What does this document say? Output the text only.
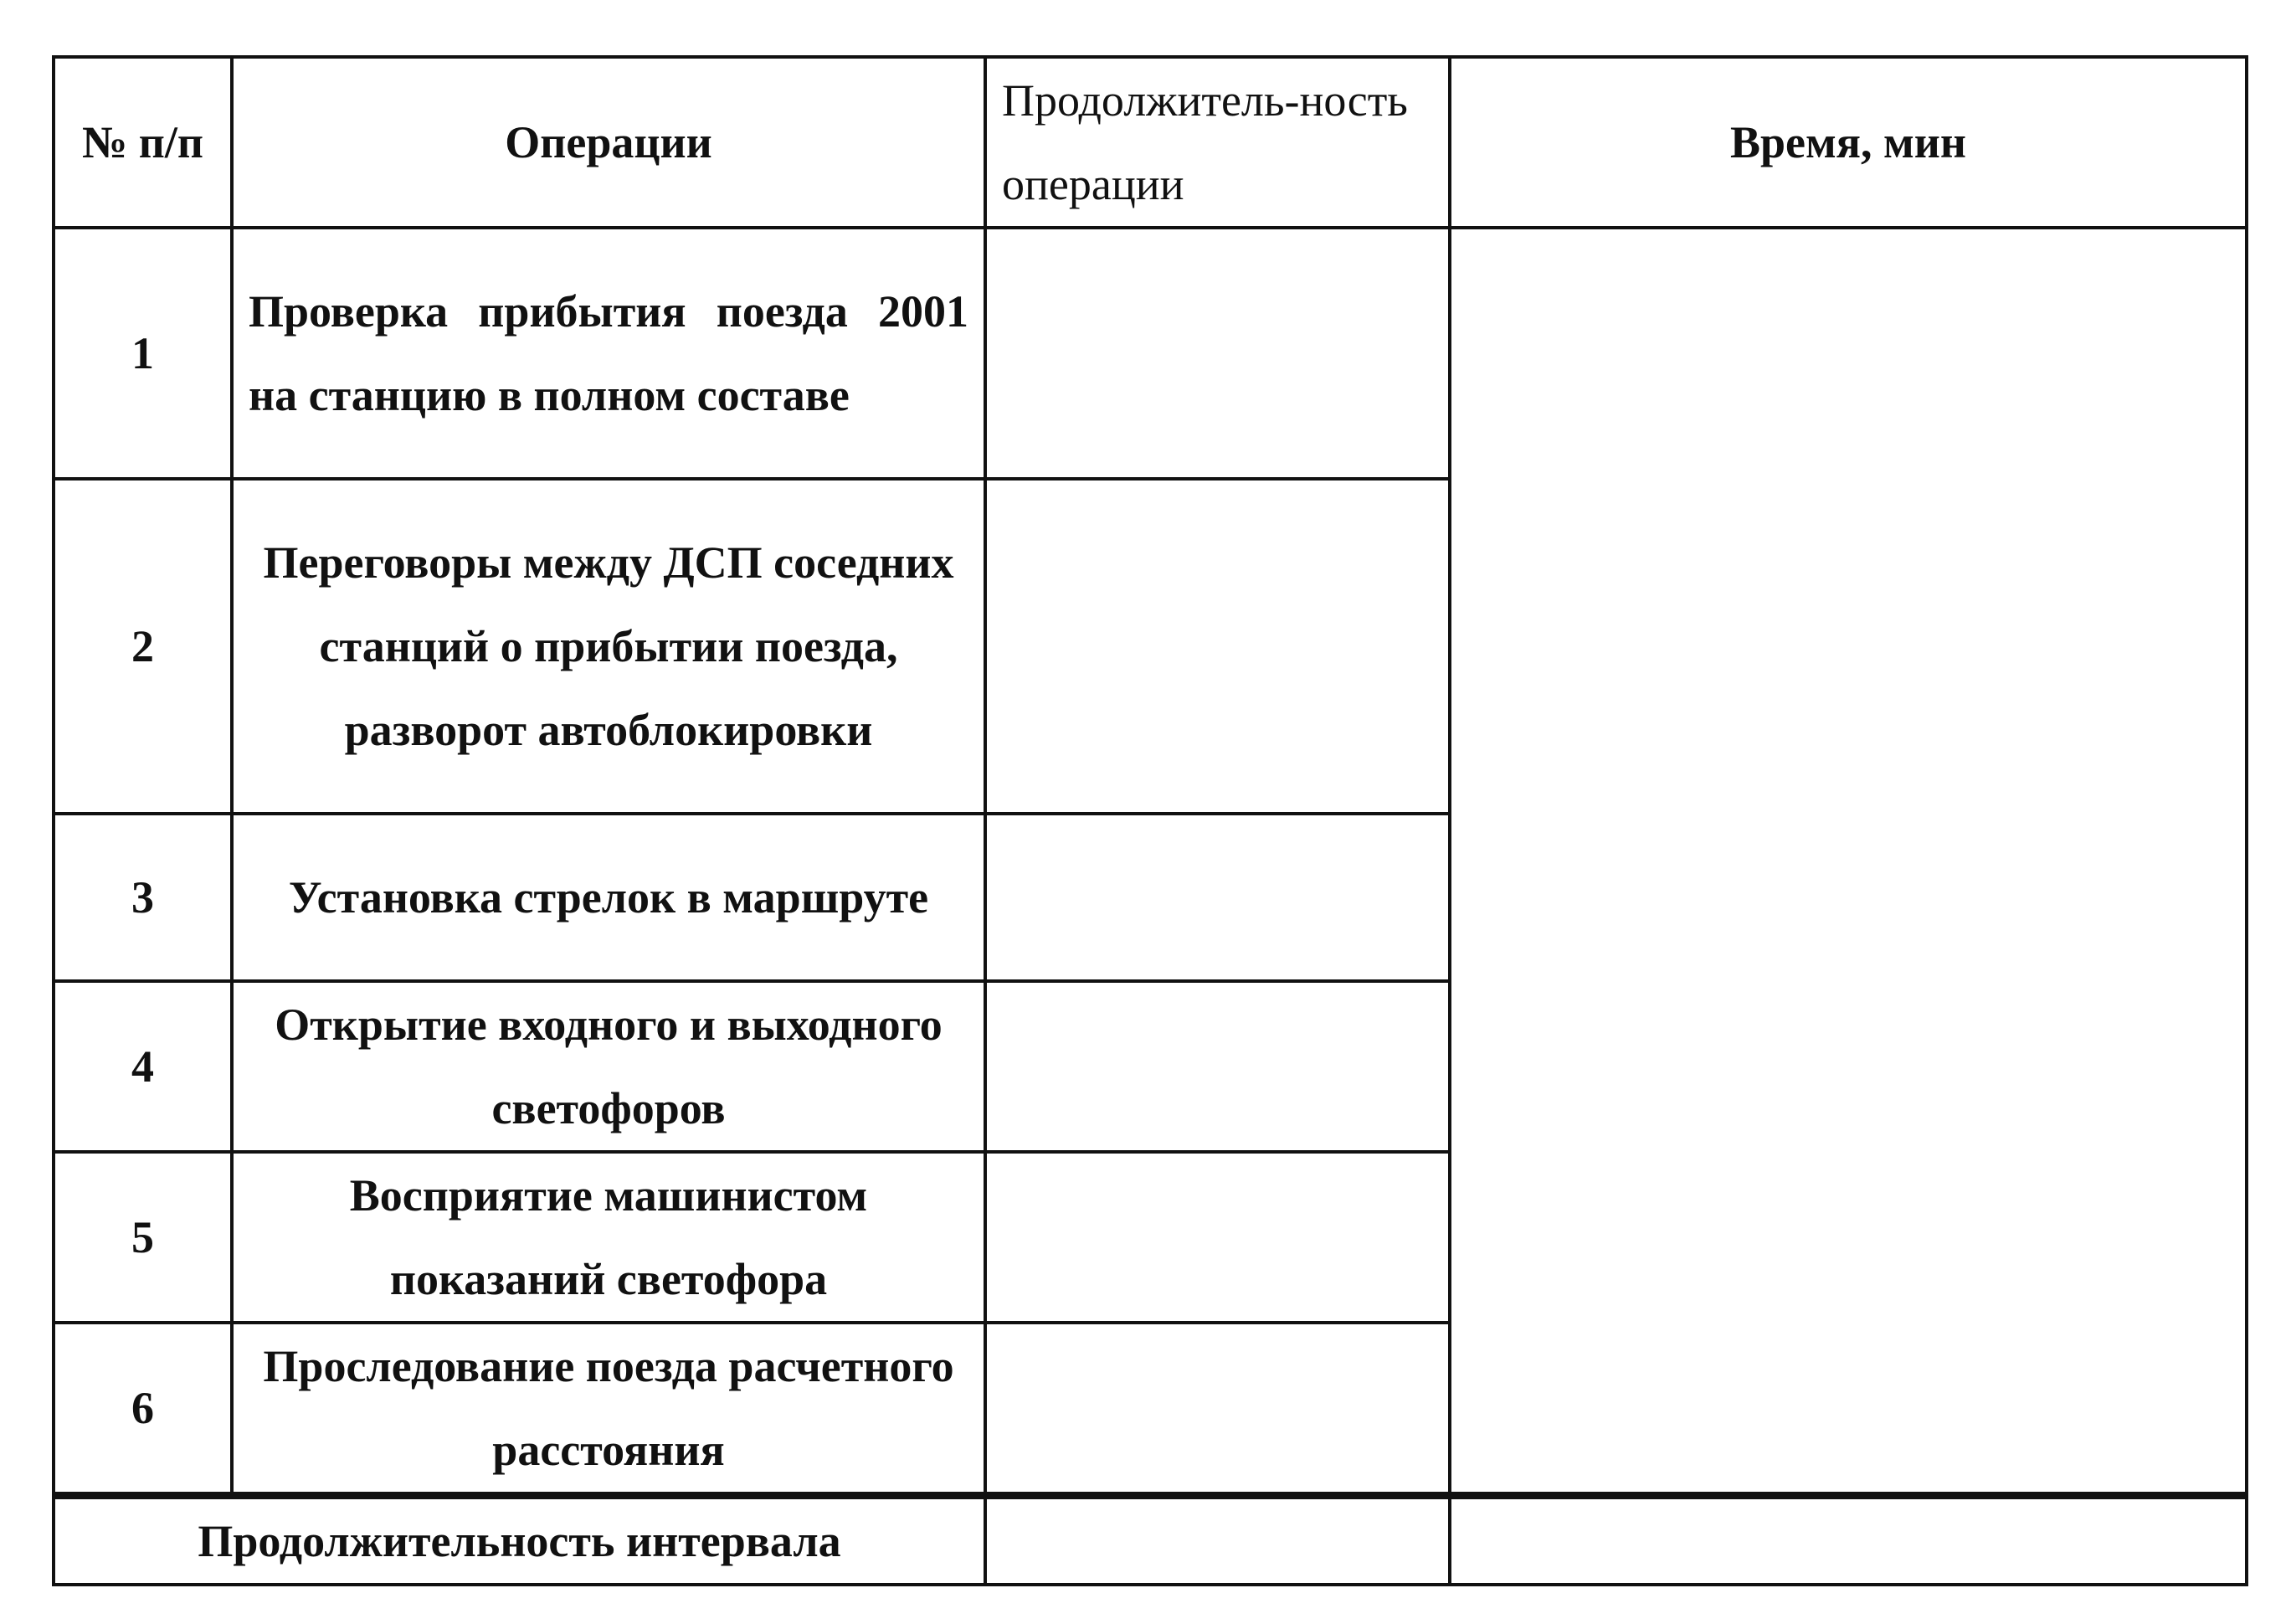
№ п/п	Операции	Продолжитель-ность операции	Время, мин
1	Проверка прибытия поезда 2001 на станцию в полном составе		
2	Переговоры между ДСП соседних станций о прибытии поезда, разворот автоблокировки		
3	Установка стрелок в маршруте		
4	Открытие входного и выходного светофоров		
5	Восприятие машинистом показаний светофора		
6	Проследование поезда расчетного расстояния		
Продолжительность интервала			
